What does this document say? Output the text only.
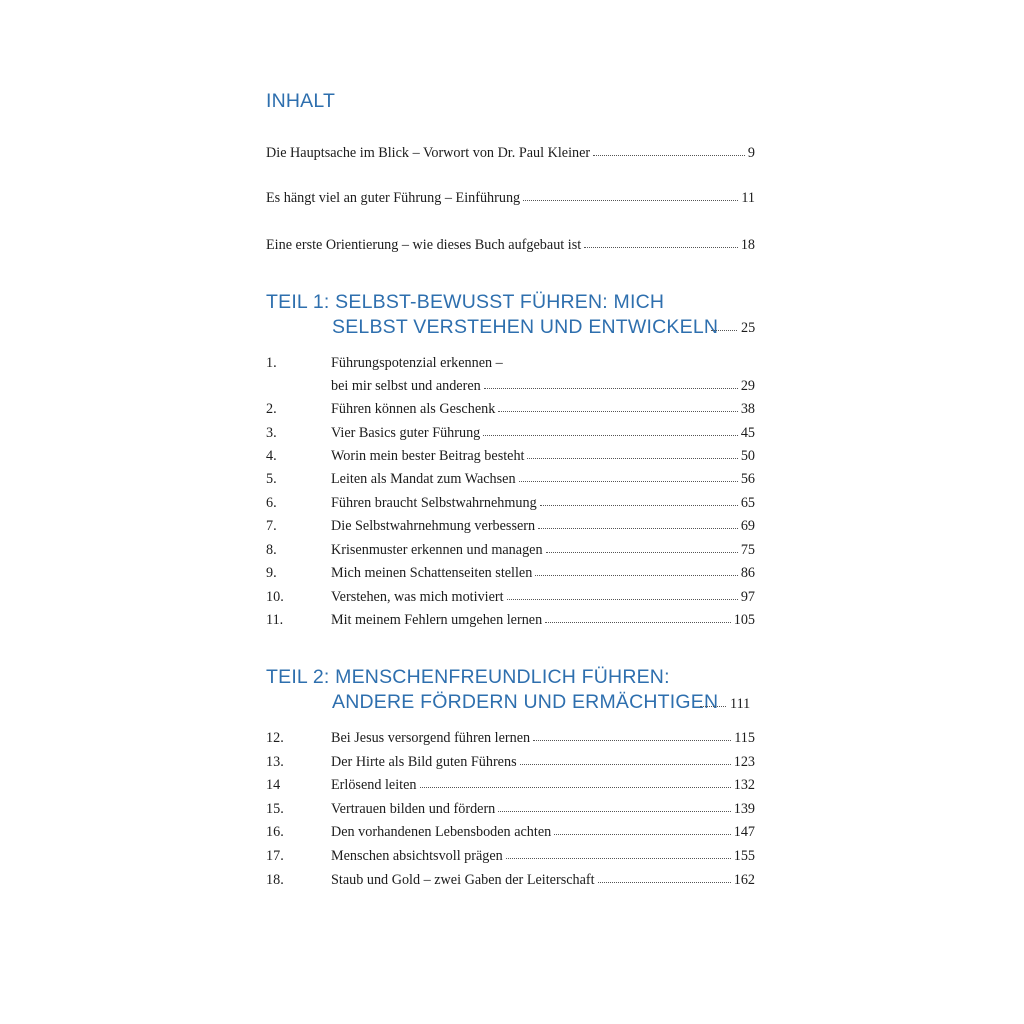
INHALT
Die Hauptsache im Blick – Vorwort von Dr. Paul Kleiner	9
Es hängt viel an guter Führung – Einführung	11
Eine erste Orientierung – wie dieses Buch aufgebaut ist	18
TEIL 1: SELBST-BEWUSST FÜHREN: MICH
SELBST VERSTEHEN UND ENTWICKELN 25
1.	Führungspotenzial erkennen –
bei mir selbst und anderen	29
2.	Führen können als Geschenk	38
3.	Vier Basics guter Führung	45
4.	Worin mein bester Beitrag besteht	50
5.	Leiten als Mandat zum Wachsen	56
6.	Führen braucht Selbstwahrnehmung	65
7.	Die Selbstwahrnehmung verbessern	69
8.	Krisenmuster erkennen und managen	75
9.	Mich meinen Schattenseiten stellen	86
10.	Verstehen, was mich motiviert	97
11.	Mit meinem Fehlern umgehen lernen	105
TEIL 2: MENSCHENFREUNDLICH FÜHREN:
ANDERE FÖRDERN UND ERMÄCHTIGEN 111
12.	Bei Jesus versorgend führen lernen	115
13.	Der Hirte als Bild guten Führens	123
14	Erlösend leiten	132
15.	Vertrauen bilden und fördern	139
16.	Den vorhandenen Lebensboden achten	147
17.	Menschen absichtsvoll prägen	155
18.	Staub und Gold – zwei Gaben der Leiterschaft	162
